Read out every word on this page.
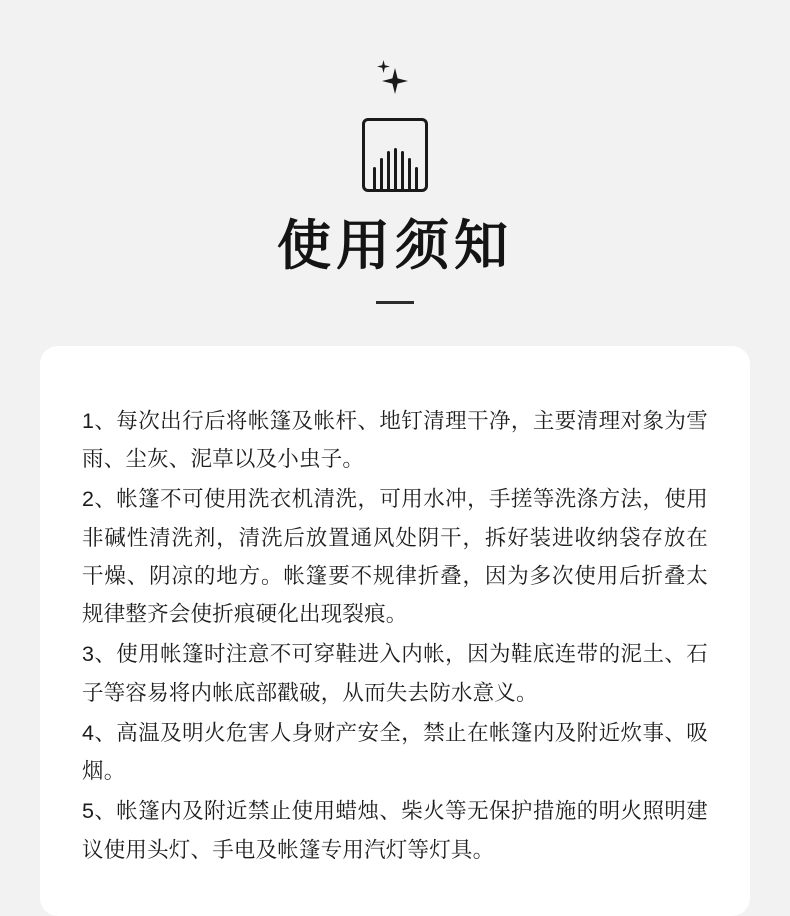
使用须知
1、每次出行后将帐篷及帐杆、地钉清理干净，主要清理对象为雪雨、尘灰、泥草以及小虫子。
2、帐篷不可使用洗衣机清洗，可用水冲，手搓等洗涤方法，使用非碱性清洗剂，清洗后放置通风处阴干，拆好装进收纳袋存放在干燥、阴凉的地方。帐篷要不规律折叠，因为多次使用后折叠太规律整齐会使折痕硬化出现裂痕。
3、使用帐篷时注意不可穿鞋进入内帐，因为鞋底连带的泥土、石子等容易将内帐底部戳破，从而失去防水意义。
4、高温及明火危害人身财产安全，禁止在帐篷内及附近炊事、吸烟。
5、帐篷内及附近禁止使用蜡烛、柴火等无保护措施的明火照明建议使用头灯、手电及帐篷专用汽灯等灯具。
